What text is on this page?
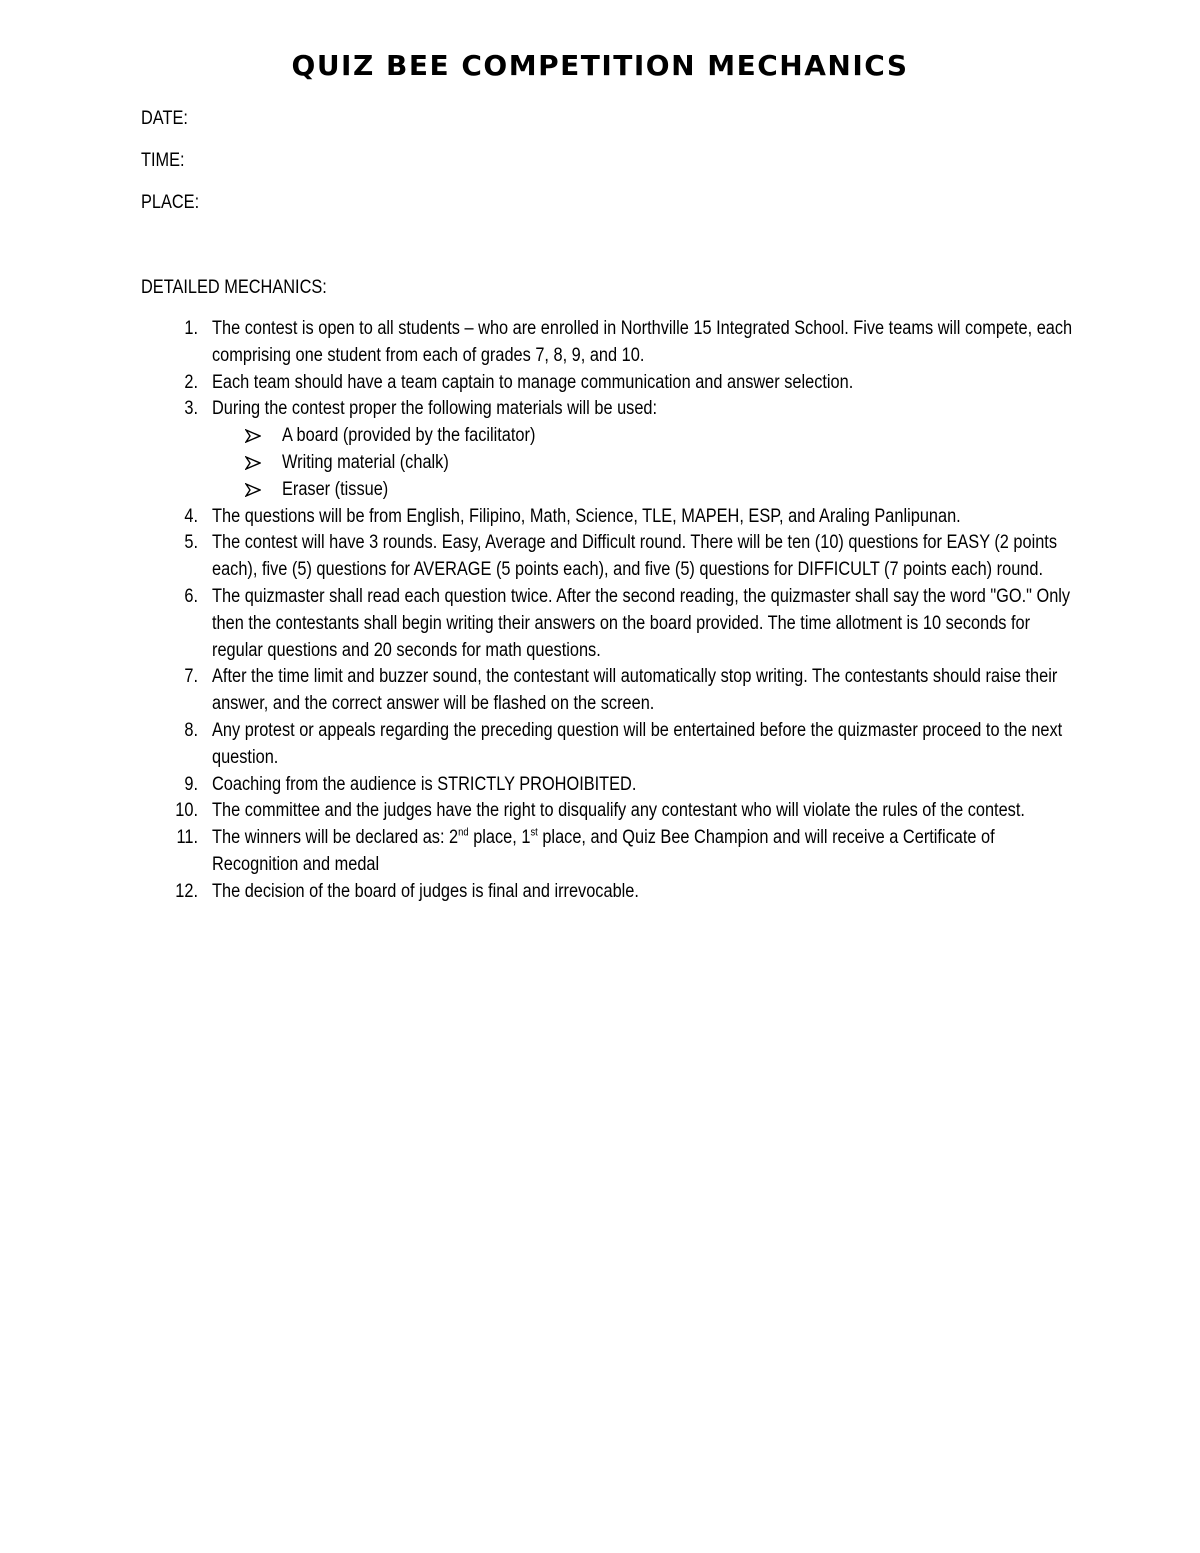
QUIZ BEE COMPETITION MECHANICS
DATE:
TIME:
PLACE:
DETAILED MECHANICS:
1. The contest is open to all students – who are enrolled in Northville 15 Integrated School. Five teams will compete, each comprising one student from each of grades 7, 8, 9, and 10.
2. Each team should have a team captain to manage communication and answer selection.
3. During the contest proper the following materials will be used:
A board (provided by the facilitator)
Writing material (chalk)
Eraser (tissue)
4. The questions will be from English, Filipino, Math, Science, TLE, MAPEH, ESP, and Araling Panlipunan.
5. The contest will have 3 rounds. Easy, Average and Difficult round. There will be ten (10) questions for EASY (2 points each), five (5) questions for AVERAGE (5 points each), and five (5) questions for DIFFICULT (7 points each) round.
6. The quizmaster shall read each question twice. After the second reading, the quizmaster shall say the word "GO." Only then the contestants shall begin writing their answers on the board provided. The time allotment is 10 seconds for regular questions and 20 seconds for math questions.
7. After the time limit and buzzer sound, the contestant will automatically stop writing. The contestants should raise their answer, and the correct answer will be flashed on the screen.
8. Any protest or appeals regarding the preceding question will be entertained before the quizmaster proceed to the next question.
9. Coaching from the audience is STRICTLY PROHOIBITED.
10. The committee and the judges have the right to disqualify any contestant who will violate the rules of the contest.
11. The winners will be declared as: 2nd place, 1st place, and Quiz Bee Champion and will receive a Certificate of Recognition and medal
12. The decision of the board of judges is final and irrevocable.
